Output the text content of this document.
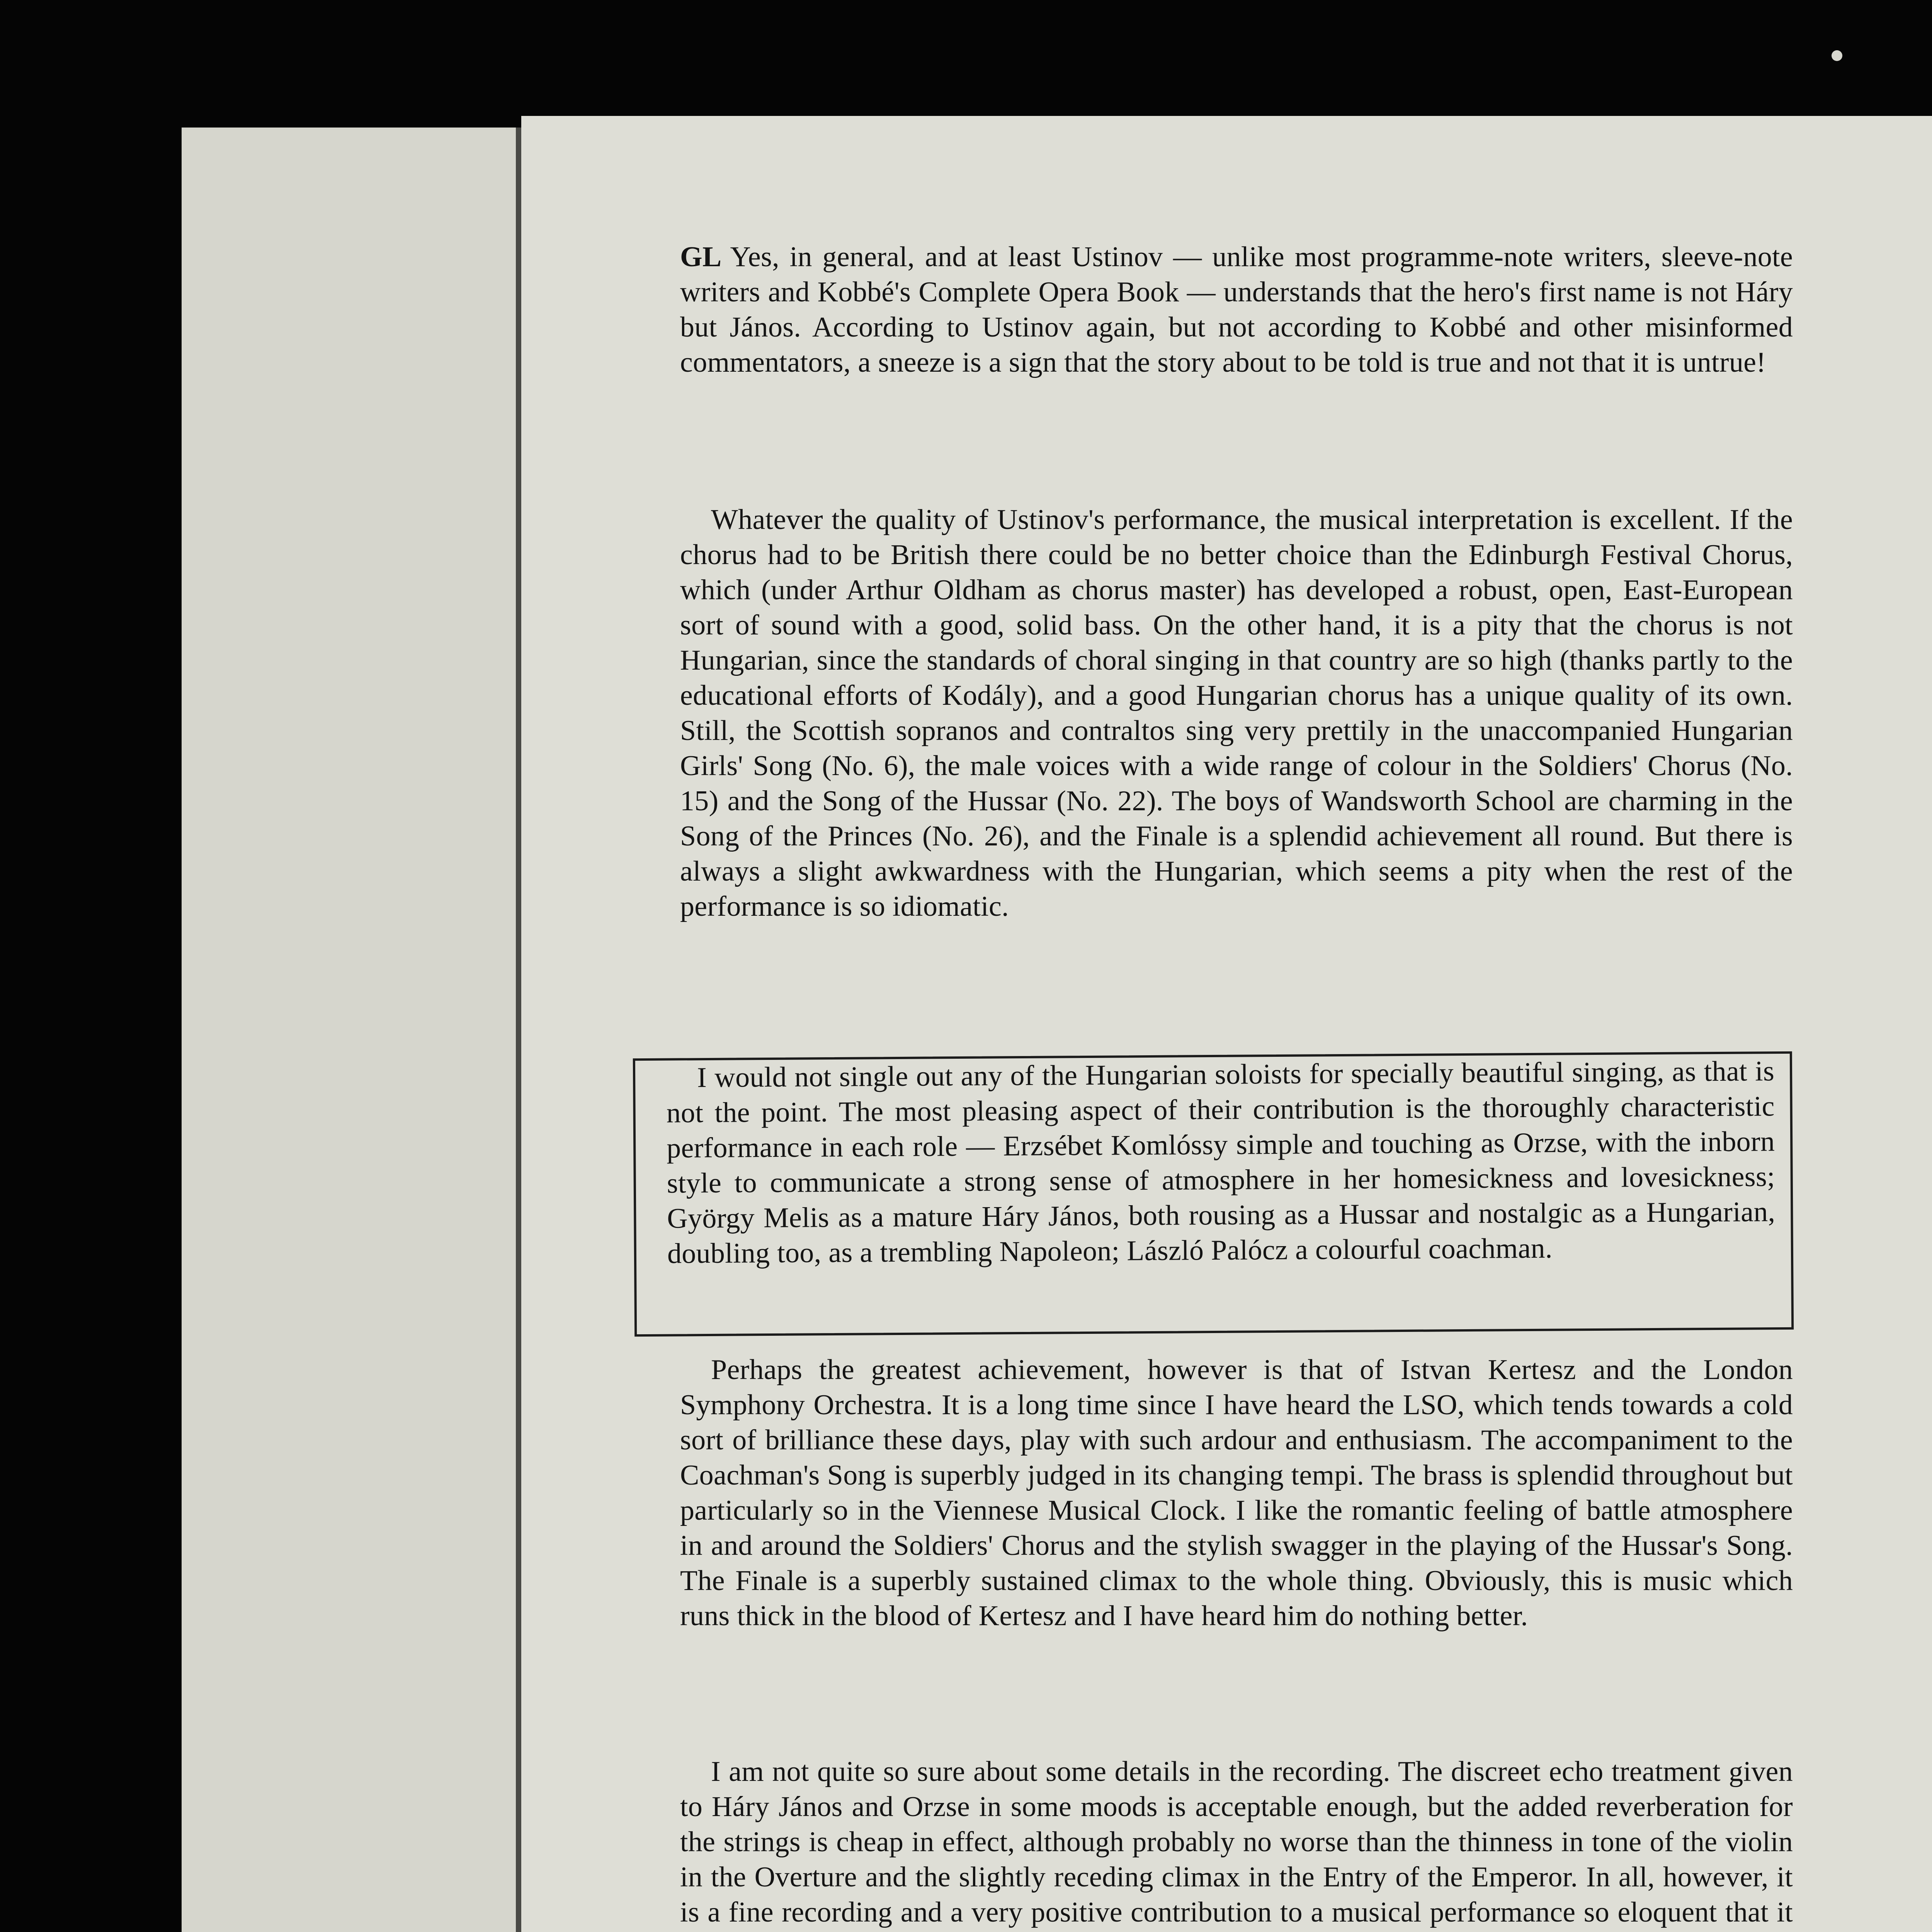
GL Yes, in general, and at least Ustinov — unlike most programme-note writers, sleeve-note writers and Kobbé's Complete Opera Book — understands that the hero's first name is not Háry but János. According to Ustinov again, but not according to Kobbé and other misinformed commentators, a sneeze is a sign that the story about to be told is true and not that it is untrue!

Whatever the quality of Ustinov's performance, the musical interpretation is excellent. If the chorus had to be British there could be no better choice than the Edinburgh Festival Chorus, which (under Arthur Oldham as chorus master) has developed a robust, open, East-European sort of sound with a good, solid bass. On the other hand, it is a pity that the chorus is not Hungarian, since the standards of choral singing in that country are so high (thanks partly to the educational efforts of Kodály), and a good Hungarian chorus has a unique quality of its own. Still, the Scottish sopranos and contraltos sing very prettily in the unaccompanied Hungarian Girls' Song (No. 6), the male voices with a wide range of colour in the Soldiers' Chorus (No. 15) and the Song of the Hussar (No. 22). The boys of Wandsworth School are charming in the Song of the Princes (No. 26), and the Finale is a splendid achievement all round. But there is always a slight awkwardness with the Hungarian, which seems a pity when the rest of the performance is so idiomatic.

I would not single out any of the Hungarian soloists for specially beautiful singing, as that is not the point. The most pleasing aspect of their contribution is the thoroughly characteristic performance in each role — Erzsébet Komlóssy simple and touching as Orzse, with the inborn style to communicate a strong sense of atmosphere in her homesickness and lovesickness; György Melis as a mature Háry János, both rousing as a Hussar and nostalgic as a Hungarian, doubling too, as a trembling Napoleon; László Palócz a colourful coachman.

Perhaps the greatest achievement, however is that of Istvan Kertesz and the London Symphony Orchestra. It is a long time since I have heard the LSO, which tends towards a cold sort of brilliance these days, play with such ardour and enthusiasm. The accompaniment to the Coachman's Song is superbly judged in its changing tempi. The brass is splendid throughout but particularly so in the Viennese Musical Clock. I like the romantic feeling of battle atmosphere in and around the Soldiers' Chorus and the stylish swagger in the playing of the Hussar's Song. The Finale is a superbly sustained climax to the whole thing. Obviously, this is music which runs thick in the blood of Kertesz and I have heard him do nothing better.

I am not quite so sure about some details in the recording. The discreet echo treatment given to Háry János and Orzse in some moods is acceptable enough, but the added reverberation for the strings is cheap in effect, although probably no worse than the thinness in tone of the violin in the Overture and the slightly receding climax in the Entry of the Emperor. In all, however, it is a fine recording and a very positive contribution to a musical performance so eloquent that it
